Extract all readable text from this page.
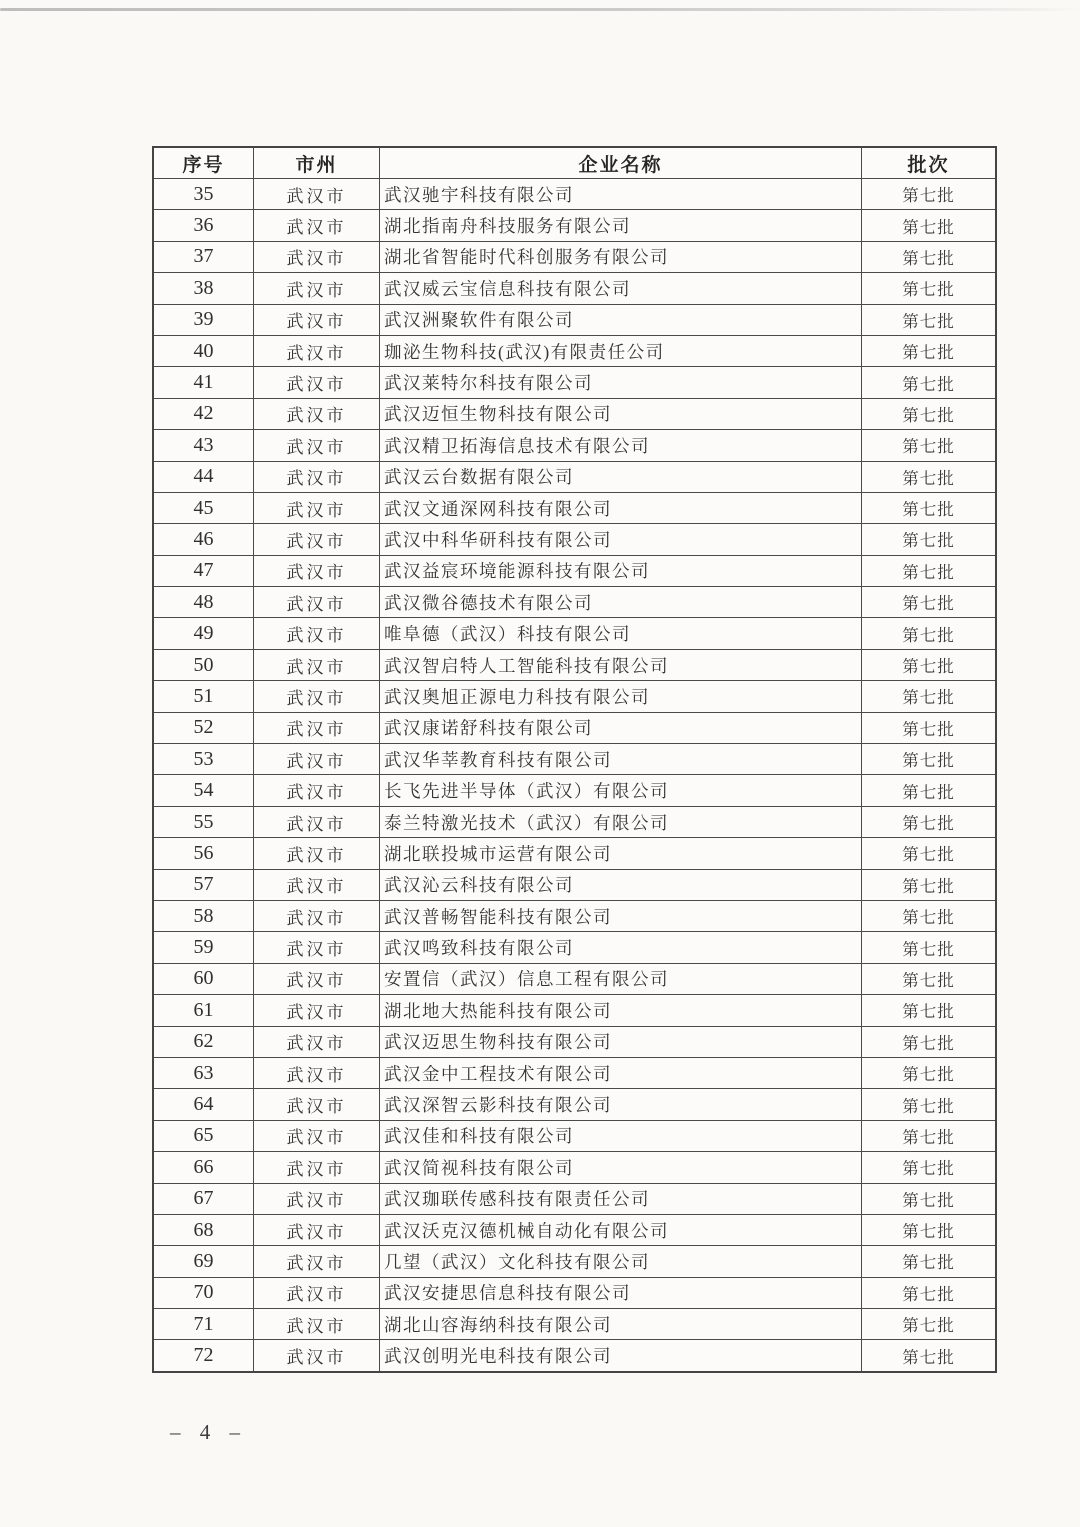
序号	市州	企业名称	批次
35	武汉市	武汉驰宇科技有限公司	第七批
36	武汉市	湖北指南舟科技服务有限公司	第七批
37	武汉市	湖北省智能时代科创服务有限公司	第七批
38	武汉市	武汉威云宝信息科技有限公司	第七批
39	武汉市	武汉洲聚软件有限公司	第七批
40	武汉市	珈泌生物科技(武汉)有限责任公司	第七批
41	武汉市	武汉莱特尔科技有限公司	第七批
42	武汉市	武汉迈恒生物科技有限公司	第七批
43	武汉市	武汉精卫拓海信息技术有限公司	第七批
44	武汉市	武汉云台数据有限公司	第七批
45	武汉市	武汉文通深网科技有限公司	第七批
46	武汉市	武汉中科华研科技有限公司	第七批
47	武汉市	武汉益宸环境能源科技有限公司	第七批
48	武汉市	武汉微谷德技术有限公司	第七批
49	武汉市	唯阜德（武汉）科技有限公司	第七批
50	武汉市	武汉智启特人工智能科技有限公司	第七批
51	武汉市	武汉奥旭正源电力科技有限公司	第七批
52	武汉市	武汉康诺舒科技有限公司	第七批
53	武汉市	武汉华莘教育科技有限公司	第七批
54	武汉市	长飞先进半导体（武汉）有限公司	第七批
55	武汉市	泰兰特激光技术（武汉）有限公司	第七批
56	武汉市	湖北联投城市运营有限公司	第七批
57	武汉市	武汉沁云科技有限公司	第七批
58	武汉市	武汉普畅智能科技有限公司	第七批
59	武汉市	武汉鸣致科技有限公司	第七批
60	武汉市	安置信（武汉）信息工程有限公司	第七批
61	武汉市	湖北地大热能科技有限公司	第七批
62	武汉市	武汉迈思生物科技有限公司	第七批
63	武汉市	武汉金中工程技术有限公司	第七批
64	武汉市	武汉深智云影科技有限公司	第七批
65	武汉市	武汉佳和科技有限公司	第七批
66	武汉市	武汉简视科技有限公司	第七批
67	武汉市	武汉珈联传感科技有限责任公司	第七批
68	武汉市	武汉沃克汉德机械自动化有限公司	第七批
69	武汉市	几望（武汉）文化科技有限公司	第七批
70	武汉市	武汉安捷思信息科技有限公司	第七批
71	武汉市	湖北山容海纳科技有限公司	第七批
72	武汉市	武汉创明光电科技有限公司	第七批
– 4 –
